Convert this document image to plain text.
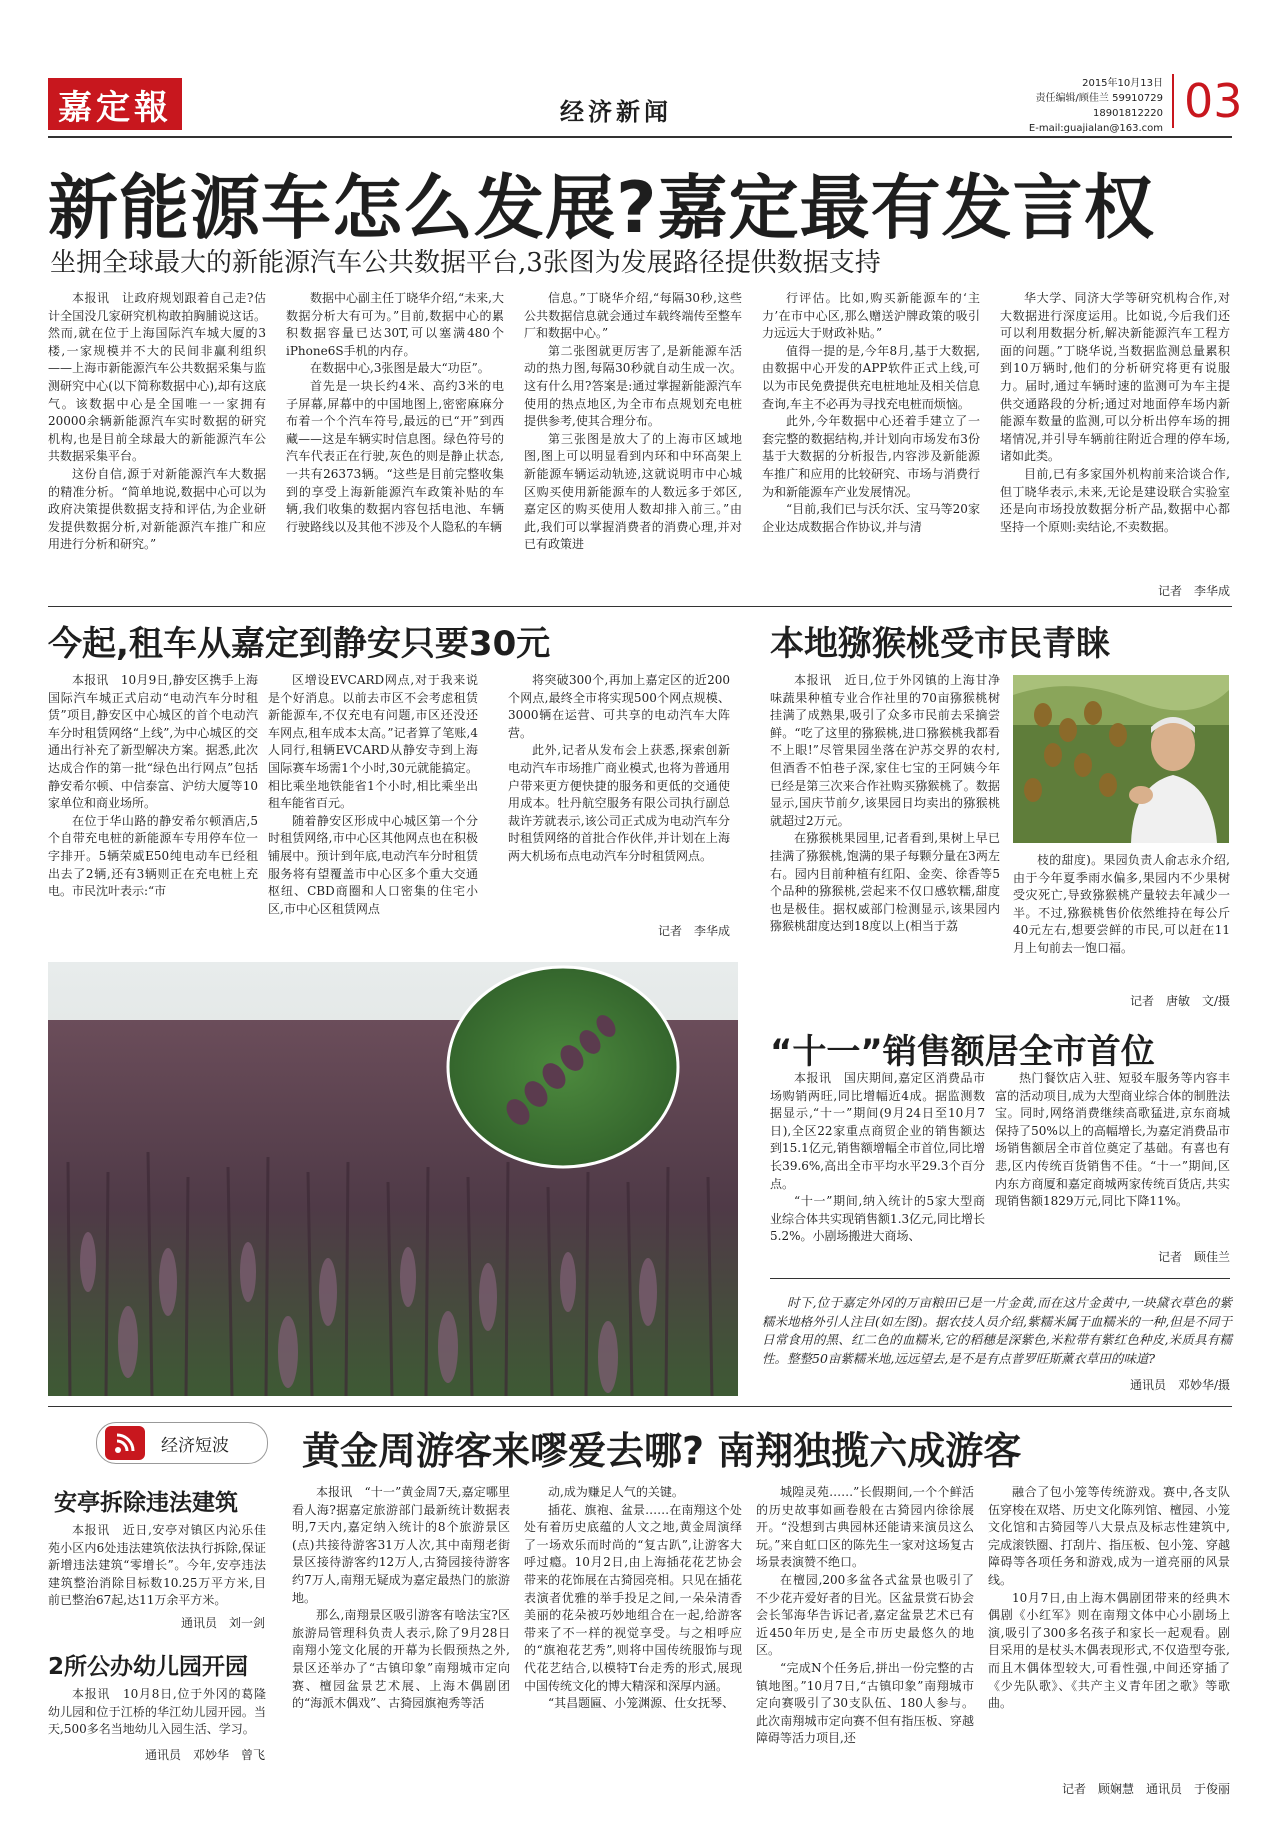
嘉定報	经济新闻
2015年10月13日
责任编辑/顾佳兰 59910729 18901812220
E-mail:guajialan@163.com
03
新能源车怎么发展?嘉定最有发言权
坐拥全球最大的新能源汽车公共数据平台,3张图为发展路径提供数据支持

本报讯　让政府规划跟着自己走?估计全国没几家研究机构敢拍胸脯说这话。然而,就在位于上海国际汽车城大厦的3楼,一家规模并不大的民间非赢利组织——上海市新能源汽车公共数据采集与监测研究中心(以下简称数据中心),却有这底气。该数据中心是全国唯一一家拥有20000余辆新能源汽车实时数据的研究机构,也是目前全球最大的新能源汽车公共数据采集平台。

这份自信,源于对新能源汽车大数据的精准分析。“简单地说,数据中心可以为政府决策提供数据支持和评估,为企业研发提供数据分析,对新能源汽车推广和应用进行分析和研究。”

数据中心副主任丁晓华介绍,“未来,大数据分析大有可为。”目前,数据中心的累积数据容量已达30T,可以塞满480个iPhone6S手机的内存。

在数据中心,3张图是最大“功臣”。

首先是一块长约4米、高约3米的电子屏幕,屏幕中的中国地图上,密密麻麻分布着一个个汽车符号,最远的已“开”到西藏——这是车辆实时信息图。绿色符号的汽车代表正在行驶,灰色的则是静止状态,一共有26373辆。“这些是目前完整收集到的享受上海新能源汽车政策补贴的车辆,我们收集的数据内容包括电池、车辆行驶路线以及其他不涉及个人隐私的车辆

信息。”丁晓华介绍,“每隔30秒,这些公共数据信息就会通过车载终端传至整车厂和数据中心。”

第二张图就更厉害了,是新能源车活动的热力图,每隔30秒就自动生成一次。这有什么用?答案是:通过掌握新能源汽车使用的热点地区,为全市布点规划充电桩提供参考,使其合理分布。

第三张图是放大了的上海市区域地图,图上可以明显看到内环和中环高架上新能源车辆运动轨迹,这就说明市中心城区购买使用新能源车的人数远多于郊区,嘉定区的购买使用人数却排入前三。”由此,我们可以掌握消费者的消费心理,并对已有政策进

行评估。比如,购买新能源车的‘主力’在市中心区,那么赠送沪牌政策的吸引力远远大于财政补贴。”

值得一提的是,今年8月,基于大数据,由数据中心开发的APP软件正式上线,可以为市民免费提供充电桩地址及相关信息查询,车主不必再为寻找充电桩而烦恼。

此外,今年数据中心还着手建立了一套完整的数据结构,并计划向市场发布3份基于大数据的分析报告,内容涉及新能源车推广和应用的比较研究、市场与消费行为和新能源车产业发展情况。

“目前,我们已与沃尔沃、宝马等20家企业达成数据合作协议,并与清

华大学、同济大学等研究机构合作,对大数据进行深度运用。比如说,今后我们还可以利用数据分析,解决新能源汽车工程方面的问题。”丁晓华说,当数据监测总量累积到10万辆时,他们的分析研究将更有说服力。届时,通过车辆时速的监测可为车主提供交通路段的分析;通过对地面停车场内新能源车数量的监测,可以分析出停车场的拥堵情况,并引导车辆前往附近合理的停车场,诸如此类。

目前,已有多家国外机构前来洽谈合作,但丁晓华表示,未来,无论是建设联合实验室还是向市场投放数据分析产品,数据中心都坚持一个原则:卖结论,不卖数据。

记者　李华成
今起,租车从嘉定到静安只要30元

本报讯　10月9日,静安区携手上海国际汽车城正式启动“电动汽车分时租赁”项目,静安区中心城区的首个电动汽车分时租赁网络“上线”,为中心城区的交通出行补充了新型解决方案。据悉,此次达成合作的第一批“绿色出行网点”包括静安希尔顿、中信泰富、沪纺大厦等10家单位和商业场所。

在位于华山路的静安希尔顿酒店,5个自带充电桩的新能源车专用停车位一字排开。5辆荣威E50纯电动车已经租出去了2辆,还有3辆则正在充电桩上充电。市民沈叶表示:“市

区增设EVCARD网点,对于我来说是个好消息。以前去市区不会考虑租赁新能源车,不仅充电有问题,市区还没还车网点,租车成本太高。”记者算了笔账,4人同行,租辆EVCARD从静安寺到上海国际赛车场需1个小时,30元就能搞定。相比乘坐地铁能省1个小时,相比乘坐出租车能省百元。

随着静安区形成中心城区第一个分时租赁网络,市中心区其他网点也在积极铺展中。预计到年底,电动汽车分时租赁服务将有望覆盖市中心区多个重大交通枢纽、CBD商圈和人口密集的住宅小区,市中心区租赁网点

将突破300个,再加上嘉定区的近200个网点,最终全市将实现500个网点规模、3000辆在运营、可共享的电动汽车大阵营。

此外,记者从发布会上获悉,探索创新电动汽车市场推广商业模式,也将为普通用户带来更方便快捷的服务和更低的交通使用成本。牡丹航空服务有限公司执行副总裁许芳就表示,该公司正式成为电动汽车分时租赁网络的首批合作伙伴,并计划在上海两大机场布点电动汽车分时租赁网点。

记者　李华成
本地猕猴桃受市民青睐

本报讯　近日,位于外冈镇的上海甘净味蔬果种植专业合作社里的70亩猕猴桃树挂满了成熟果,吸引了众多市民前去采摘尝鲜。“吃了这里的猕猴桃,进口猕猴桃我都看不上眼!”尽管果园坐落在沪苏交界的农村,但酒香不怕巷子深,家住七宝的王阿姨今年已经是第三次来合作社购买猕猴桃了。数据显示,国庆节前夕,该果园日均卖出的猕猴桃就超过2万元。

在猕猴桃果园里,记者看到,果树上早已挂满了猕猴桃,饱满的果子每颗分量在3两左右。园内目前种植有红阳、金奕、徐香等5个品种的猕猴桃,尝起来不仅口感软糯,甜度也是极佳。据权威部门检测显示,该果园内猕猴桃甜度达到18度以上(相当于荔

枝的甜度)。果园负责人俞志永介绍,由于今年夏季雨水偏多,果园内不少果树受灾死亡,导致猕猴桃产量较去年减少一半。不过,猕猴桃售价依然维持在每公斤40元左右,想要尝鲜的市民,可以赶在11月上旬前去一饱口福。

记者　唐敏　文/摄
“十一”销售额居全市首位

本报讯　国庆期间,嘉定区消费品市场购销两旺,同比增幅近4成。据监测数据显示,“十一”期间(9月24日至10月7日),全区22家重点商贸企业的销售额达到15.1亿元,销售额增幅全市首位,同比增长39.6%,高出全市平均水平29.3个百分点。

“十一”期间,纳入统计的5家大型商业综合体共实现销售额1.3亿元,同比增长5.2%。小剧场搬进大商场、

热门餐饮店入驻、短驳车服务等内容丰富的活动项目,成为大型商业综合体的制胜法宝。同时,网络消费继续高歌猛进,京东商城保持了50%以上的高幅增长,为嘉定消费品市场销售额居全市首位奠定了基础。有喜也有悲,区内传统百货销售不佳。“十一”期间,区内东方商厦和嘉定商城两家传统百货店,共实现销售额1829万元,同比下降11%。

记者　顾佳兰
时下,位于嘉定外冈的万亩粮田已是一片金黄,而在这片金黄中,一块黛衣草色的紫糯米地格外引人注目(如左图)。据农技人员介绍,紫糯米属于血糯米的一种,但是不同于日常食用的黑、红二色的血糯米,它的稻穗是深紫色,米粒带有紫红色种皮,米质具有糯性。整整50亩紫糯米地,远远望去,是不是有点普罗旺斯薰衣草田的味道?
通讯员　邓妙华/摄
经济短波
安亭拆除违法建筑
本报讯　近日,安亭对镇区内沁乐佳苑小区内6处违法建筑依法执行拆除,保证新增违法建筑“零增长”。今年,安亭违法建筑整治消除目标数10.25万平方米,目前已整治67起,达11万余平方米。
通讯员　刘一剑
2所公办幼儿园开园
本报讯　10月8日,位于外冈的葛隆幼儿园和位于江桥的华江幼儿园开园。当天,500多名当地幼儿入园生活、学习。
通讯员　邓妙华　曾飞
黄金周游客来嘐爱去哪? 南翔独揽六成游客

本报讯　“十一”黄金周7天,嘉定哪里看人海?据嘉定旅游部门最新统计数据表明,7天内,嘉定纳入统计的8个旅游景区(点)共接待游客31万人次,其中南翔老街景区接待游客约12万人,古猗园接待游客约7万人,南翔无疑成为嘉定最热门的旅游地。

那么,南翔景区吸引游客有啥法宝?区旅游局管理科负责人表示,除了9月28日南翔小笼文化展的开幕为长假预热之外,景区还举办了“古镇印象”南翔城市定向赛、檀园盆景艺术展、上海木偶剧团的“海派木偶戏”、古猗园旗袍秀等活

动,成为赚足人气的关键。

插花、旗袍、盆景……在南翔这个处处有着历史底蕴的人文之地,黄金周演绎了一场欢乐而时尚的“复古趴”,让游客大呼过瘾。10月2日,由上海插花花艺协会带来的花饰展在古猗园亮相。只见在插花表演者优雅的举手投足之间,一朵朵清香美丽的花朵被巧妙地组合在一起,给游客带来了不一样的视觉享受。与之相呼应的“旗袍花艺秀”,则将中国传统服饰与现代花艺结合,以模特T台走秀的形式,展现中国传统文化的博大精深和深厚内涵。

“其昌题匾、小笼渊源、仕女抚琴、

城隍灵苑……”长假期间,一个个鲜活的历史故事如画卷般在古猗园内徐徐展开。“没想到古典园林还能请来演员这么玩。”来自虹口区的陈先生一家对这场复古场景表演赞不绝口。

在檀园,200多盆各式盆景也吸引了不少花卉爱好者的目光。区盆景赏石协会会长邹海华告诉记者,嘉定盆景艺术已有近450年历史,是全市历史最悠久的地区。

“完成N个任务后,拼出一份完整的古镇地图。”10月7日,“古镇印象”南翔城市定向赛吸引了30支队伍、180人参与。此次南翔城市定向赛不但有指压板、穿越障碍等活力项目,还

融合了包小笼等传统游戏。赛中,各支队伍穿梭在双塔、历史文化陈列馆、檀园、小笼文化馆和古猗园等八大景点及标志性建筑中,完成滚铁圈、打刮片、指压板、包小笼、穿越障碍等各项任务和游戏,成为一道亮丽的风景线。

10月7日,由上海木偶剧团带来的经典木偶剧《小红军》则在南翔文体中心小剧场上演,吸引了300多名孩子和家长一起观看。剧目采用的是杖头木偶表现形式,不仅造型夸张,而且木偶体型较大,可看性强,中间还穿插了《少先队歌》、《共产主义青年团之歌》等歌曲。

记者　顾娴慧　通讯员　于俊丽
